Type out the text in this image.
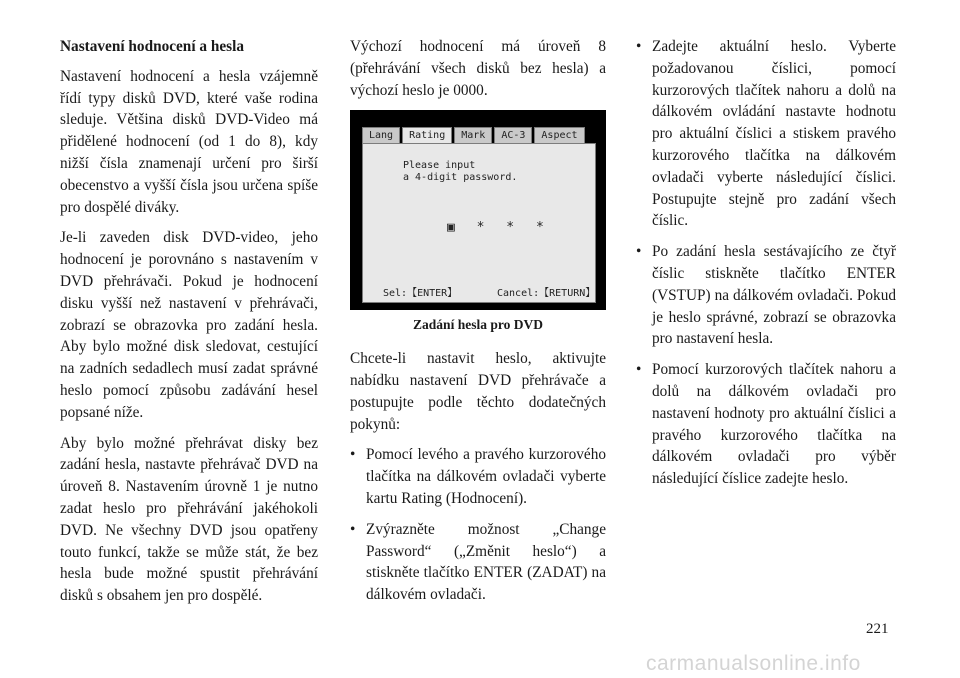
Nastavení hodnocení a hesla

Nastavení hodnocení a hesla vzájemně řídí typy disků DVD, které vaše rodina sleduje. Většina disků DVD-Video má přidělené hodnocení (od 1 do 8), kdy nižší čísla znamenají určení pro širší obecenstvo a vyšší čísla jsou určena spíše pro dospělé diváky.

Je-li zaveden disk DVD-video, jeho hodnocení je porovnáno s nastavením v DVD přehrávači. Pokud je hodnocení disku vyšší než nastavení v přehrávači, zobrazí se obrazovka pro zadání hesla. Aby bylo možné disk sledovat, cestující na zadních sedadlech musí zadat správné heslo pomocí způsobu zadávání hesel popsané níže.

Aby bylo možné přehrávat disky bez zadání hesla, nastavte přehrávač DVD na úroveň 8. Nastavením úrovně 1 je nutno zadat heslo pro přehrávání jakéhokoli DVD. Ne všechny DVD jsou opatřeny touto funkcí, takže se může stát, že bez hesla bude možné spustit přehrávání disků s obsahem jen pro dospělé.

Výchozí hodnocení má úroveň 8 (přehrávání všech disků bez hesla) a výchozí heslo je 0000.

Lang	Rating	Mark	AC-3	Aspect
Please input
a 4-digit password.
▣ * * *
Sel:【ENTER】	Cancel:【RETURN】
Zadání hesla pro DVD

Chcete-li nastavit heslo, aktivujte nabídku nastavení DVD přehrávače a postupujte podle těchto dodatečných pokynů:

• Pomocí levého a pravého kurzorového tlačítka na dálkovém ovladači vyberte kartu Rating (Hodnocení).
• Zvýrazněte možnost „Change Password“ („Změnit heslo“) a stiskněte tlačítko ENTER (ZADAT) na dálkovém ovladači.
• Zadejte aktuální heslo. Vyberte požadovanou číslici, pomocí kurzorových tlačítek nahoru a dolů na dálkovém ovládání nastavte hodnotu pro aktuální číslici a stiskem pravého kurzorového tlačítka na dálkovém ovladači vyberte následující číslici. Postupujte stejně pro zadání všech číslic.
• Po zadání hesla sestávajícího ze čtyř číslic stiskněte tlačítko ENTER (VSTUP) na dálkovém ovladači. Pokud je heslo správné, zobrazí se obrazovka pro nastavení hesla.
• Pomocí kurzorových tlačítek nahoru a dolů na dálkovém ovladači pro nastavení hodnoty pro aktuální číslici a pravého kurzorového tlačítka na dálkovém ovladači pro výběr následující číslice zadejte heslo.
221
carmanualsonline.info
